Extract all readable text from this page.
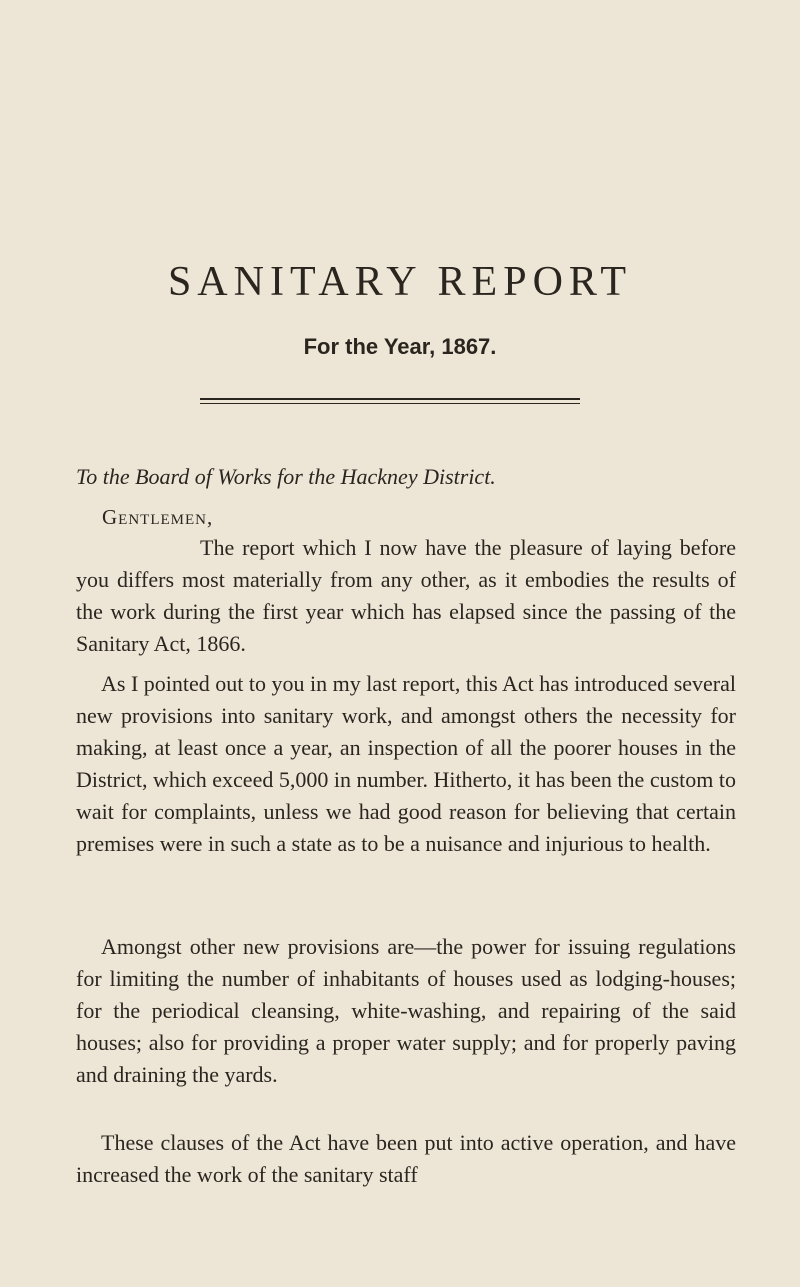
SANITARY REPORT
For the Year, 1867.

To the Board of Works for the Hackney District.

Gentlemen,

The report which I now have the pleasure of laying before you differs most materially from any other, as it embodies the results of the work during the first year which has elapsed since the passing of the Sanitary Act, 1866.

As I pointed out to you in my last report, this Act has introduced several new provisions into sanitary work, and amongst others the necessity for making, at least once a year, an inspection of all the poorer houses in the District, which exceed 5,000 in number. Hitherto, it has been the custom to wait for complaints, unless we had good reason for believing that certain premises were in such a state as to be a nuisance and injurious to health.

Amongst other new provisions are—the power for issuing regulations for limiting the number of inhabitants of houses used as lodging-houses; for the periodical cleansing, white-washing, and repairing of the said houses; also for providing a proper water supply; and for properly paving and draining the yards.

These clauses of the Act have been put into active operation, and have increased the work of the sanitary staff
